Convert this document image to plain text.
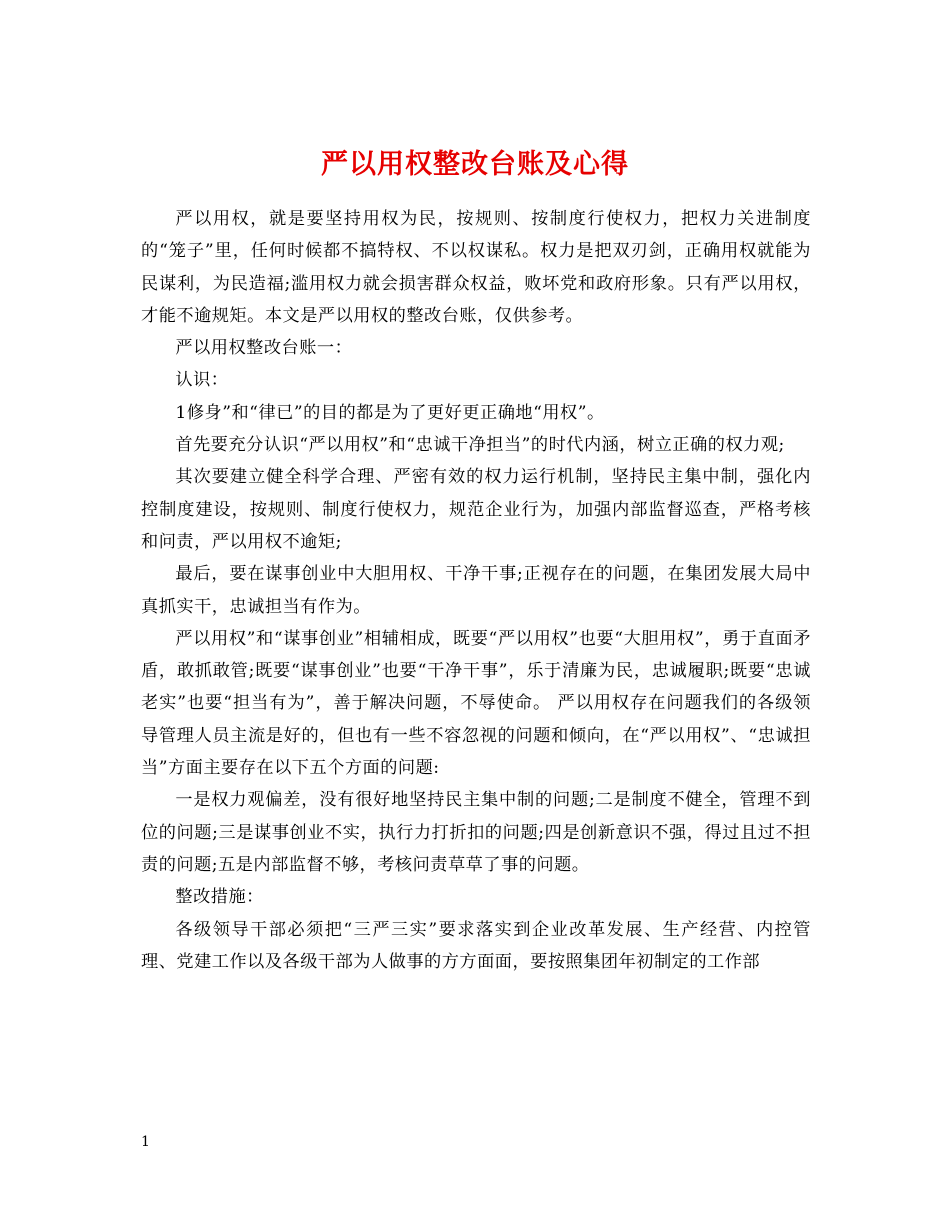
严以用权整改台账及心得

严以用权，就是要坚持用权为民，按规则、按制度行使权力，把权力关进制度的“笼子”里，任何时候都不搞特权、不以权谋私。权力是把双刃剑，正确用权就能为民谋利，为民造福;滥用权力就会损害群众权益，败坏党和政府形象。只有严以用权，才能不逾规矩。本文是严以用权的整改台账，仅供参考。

严以用权整改台账一：

认识：

1修身”和“律已”的目的都是为了更好更正确地“用权”。

首先要充分认识“严以用权”和“忠诚干净担当”的时代内涵，树立正确的权力观;

其次要建立健全科学合理、严密有效的权力运行机制，坚持民主集中制，强化内控制度建设，按规则、制度行使权力，规范企业行为，加强内部监督巡查，严格考核和问责，严以用权不逾矩;

最后，要在谋事创业中大胆用权、干净干事;正视存在的问题，在集团发展大局中真抓实干，忠诚担当有作为。

严以用权”和“谋事创业”相辅相成，既要“严以用权”也要“大胆用权”，勇于直面矛盾，敢抓敢管;既要“谋事创业”也要“干净干事”，乐于清廉为民，忠诚履职;既要“忠诚老实”也要“担当有为”，善于解决问题，不辱使命。 严以用权存在问题我们的各级领导管理人员主流是好的，但也有一些不容忽视的问题和倾向，在“严以用权”、“忠诚担当”方面主要存在以下五个方面的问题:

一是权力观偏差，没有很好地坚持民主集中制的问题;二是制度不健全，管理不到位的问题;三是谋事创业不实，执行力打折扣的问题;四是创新意识不强，得过且过不担责的问题;五是内部监督不够，考核问责草草了事的问题。

整改措施：

各级领导干部必须把“三严三实”要求落实到企业改革发展、生产经营、内控管理、党建工作以及各级干部为人做事的方方面面，要按照集团年初制定的工作部

1
